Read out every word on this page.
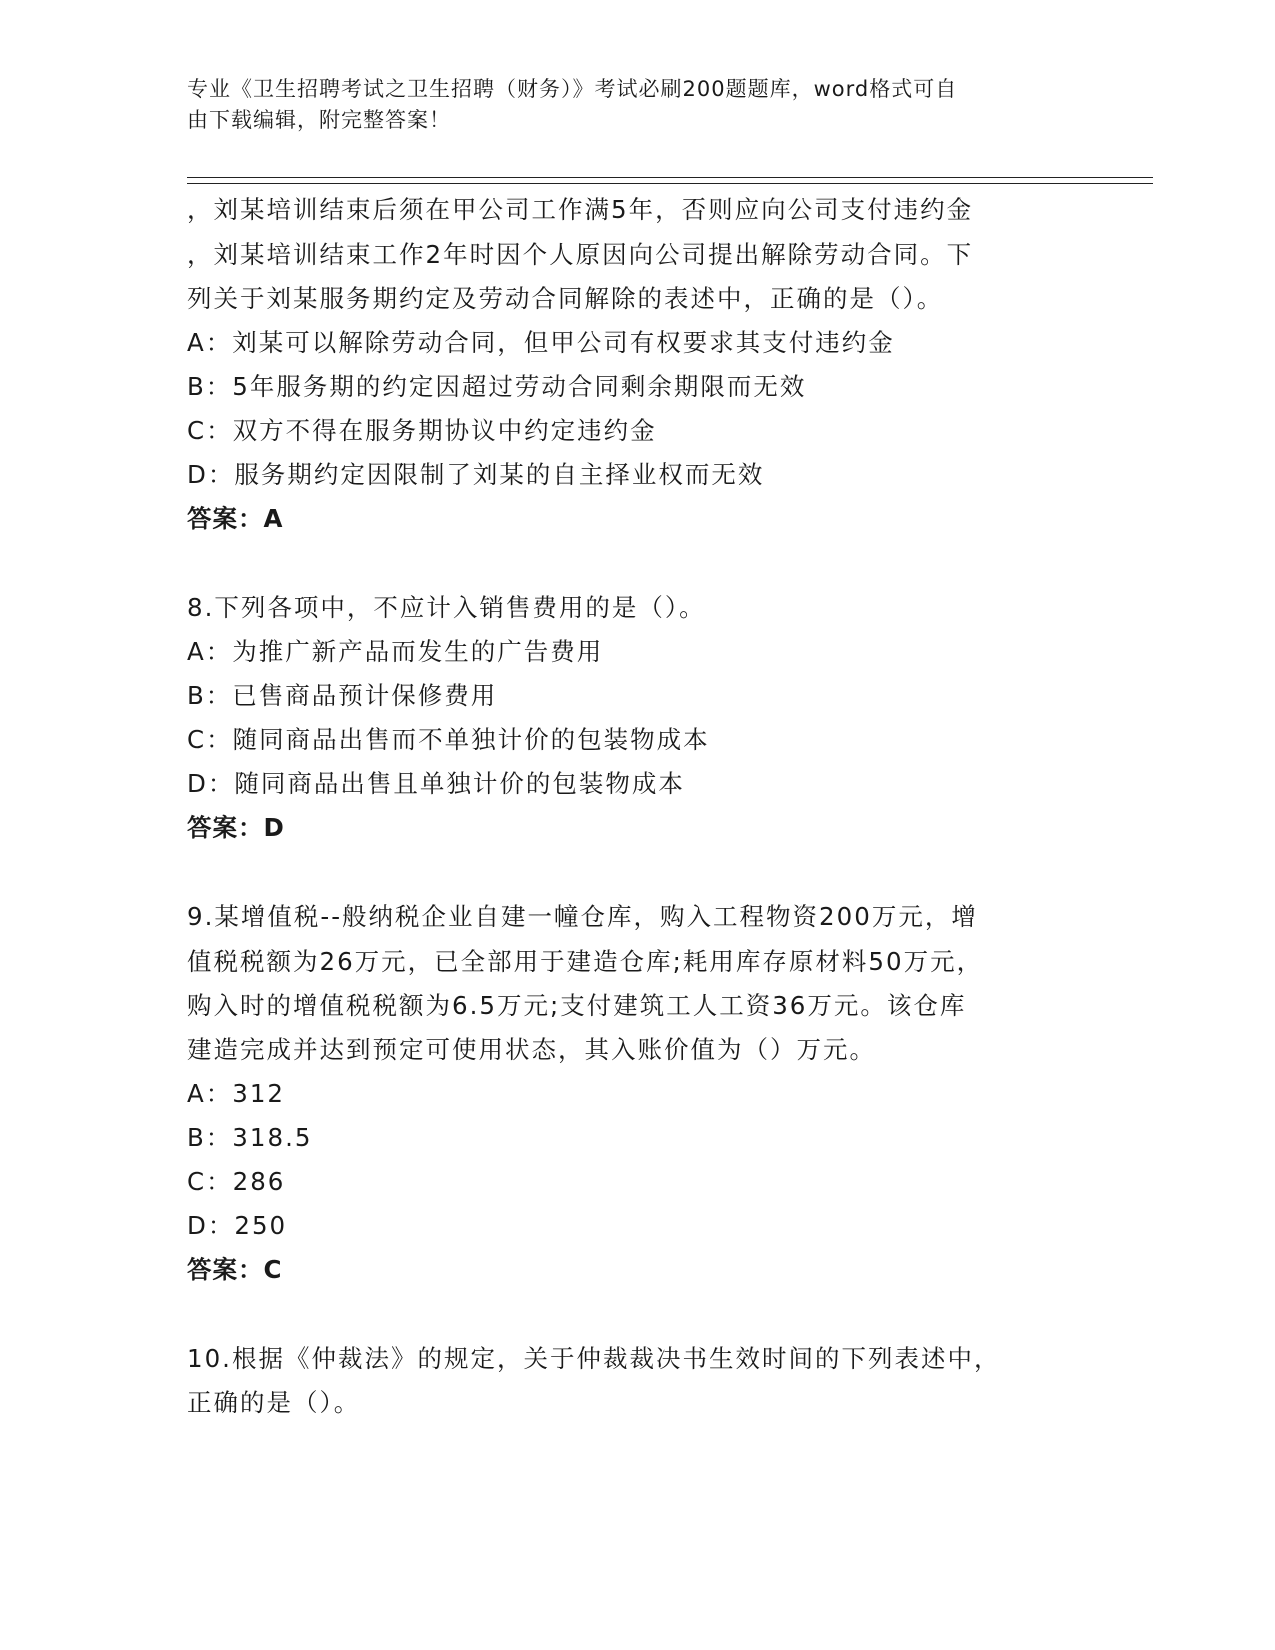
专业《卫生招聘考试之卫生招聘（财务）》考试必刷200题题库，word格式可自
由下载编辑，附完整答案！
，刘某培训结束后须在甲公司工作满5年，否则应向公司支付违约金
，刘某培训结束工作2年时因个人原因向公司提出解除劳动合同。下
列关于刘某服务期约定及劳动合同解除的表述中，正确的是（）。
A：刘某可以解除劳动合同，但甲公司有权要求其支付违约金
B：5年服务期的约定因超过劳动合同剩余期限而无效
C：双方不得在服务期协议中约定违约金
D：服务期约定因限制了刘某的自主择业权而无效
答案：A
8.下列各项中，不应计入销售费用的是（）。
A：为推广新产品而发生的广告费用
B：已售商品预计保修费用
C：随同商品出售而不单独计价的包装物成本
D：随同商品出售且单独计价的包装物成本
答案：D
9.某增值税--般纳税企业自建一幢仓库，购入工程物资200万元，增
值税税额为26万元，已全部用于建造仓库;耗用库存原材料50万元，
购入时的增值税税额为6.5万元;支付建筑工人工资36万元。该仓库
建造完成并达到预定可使用状态，其入账价值为（）万元。
A：312
B：318.5
C：286
D：250
答案：C
10.根据《仲裁法》的规定，关于仲裁裁决书生效时间的下列表述中，
正确的是（）。
